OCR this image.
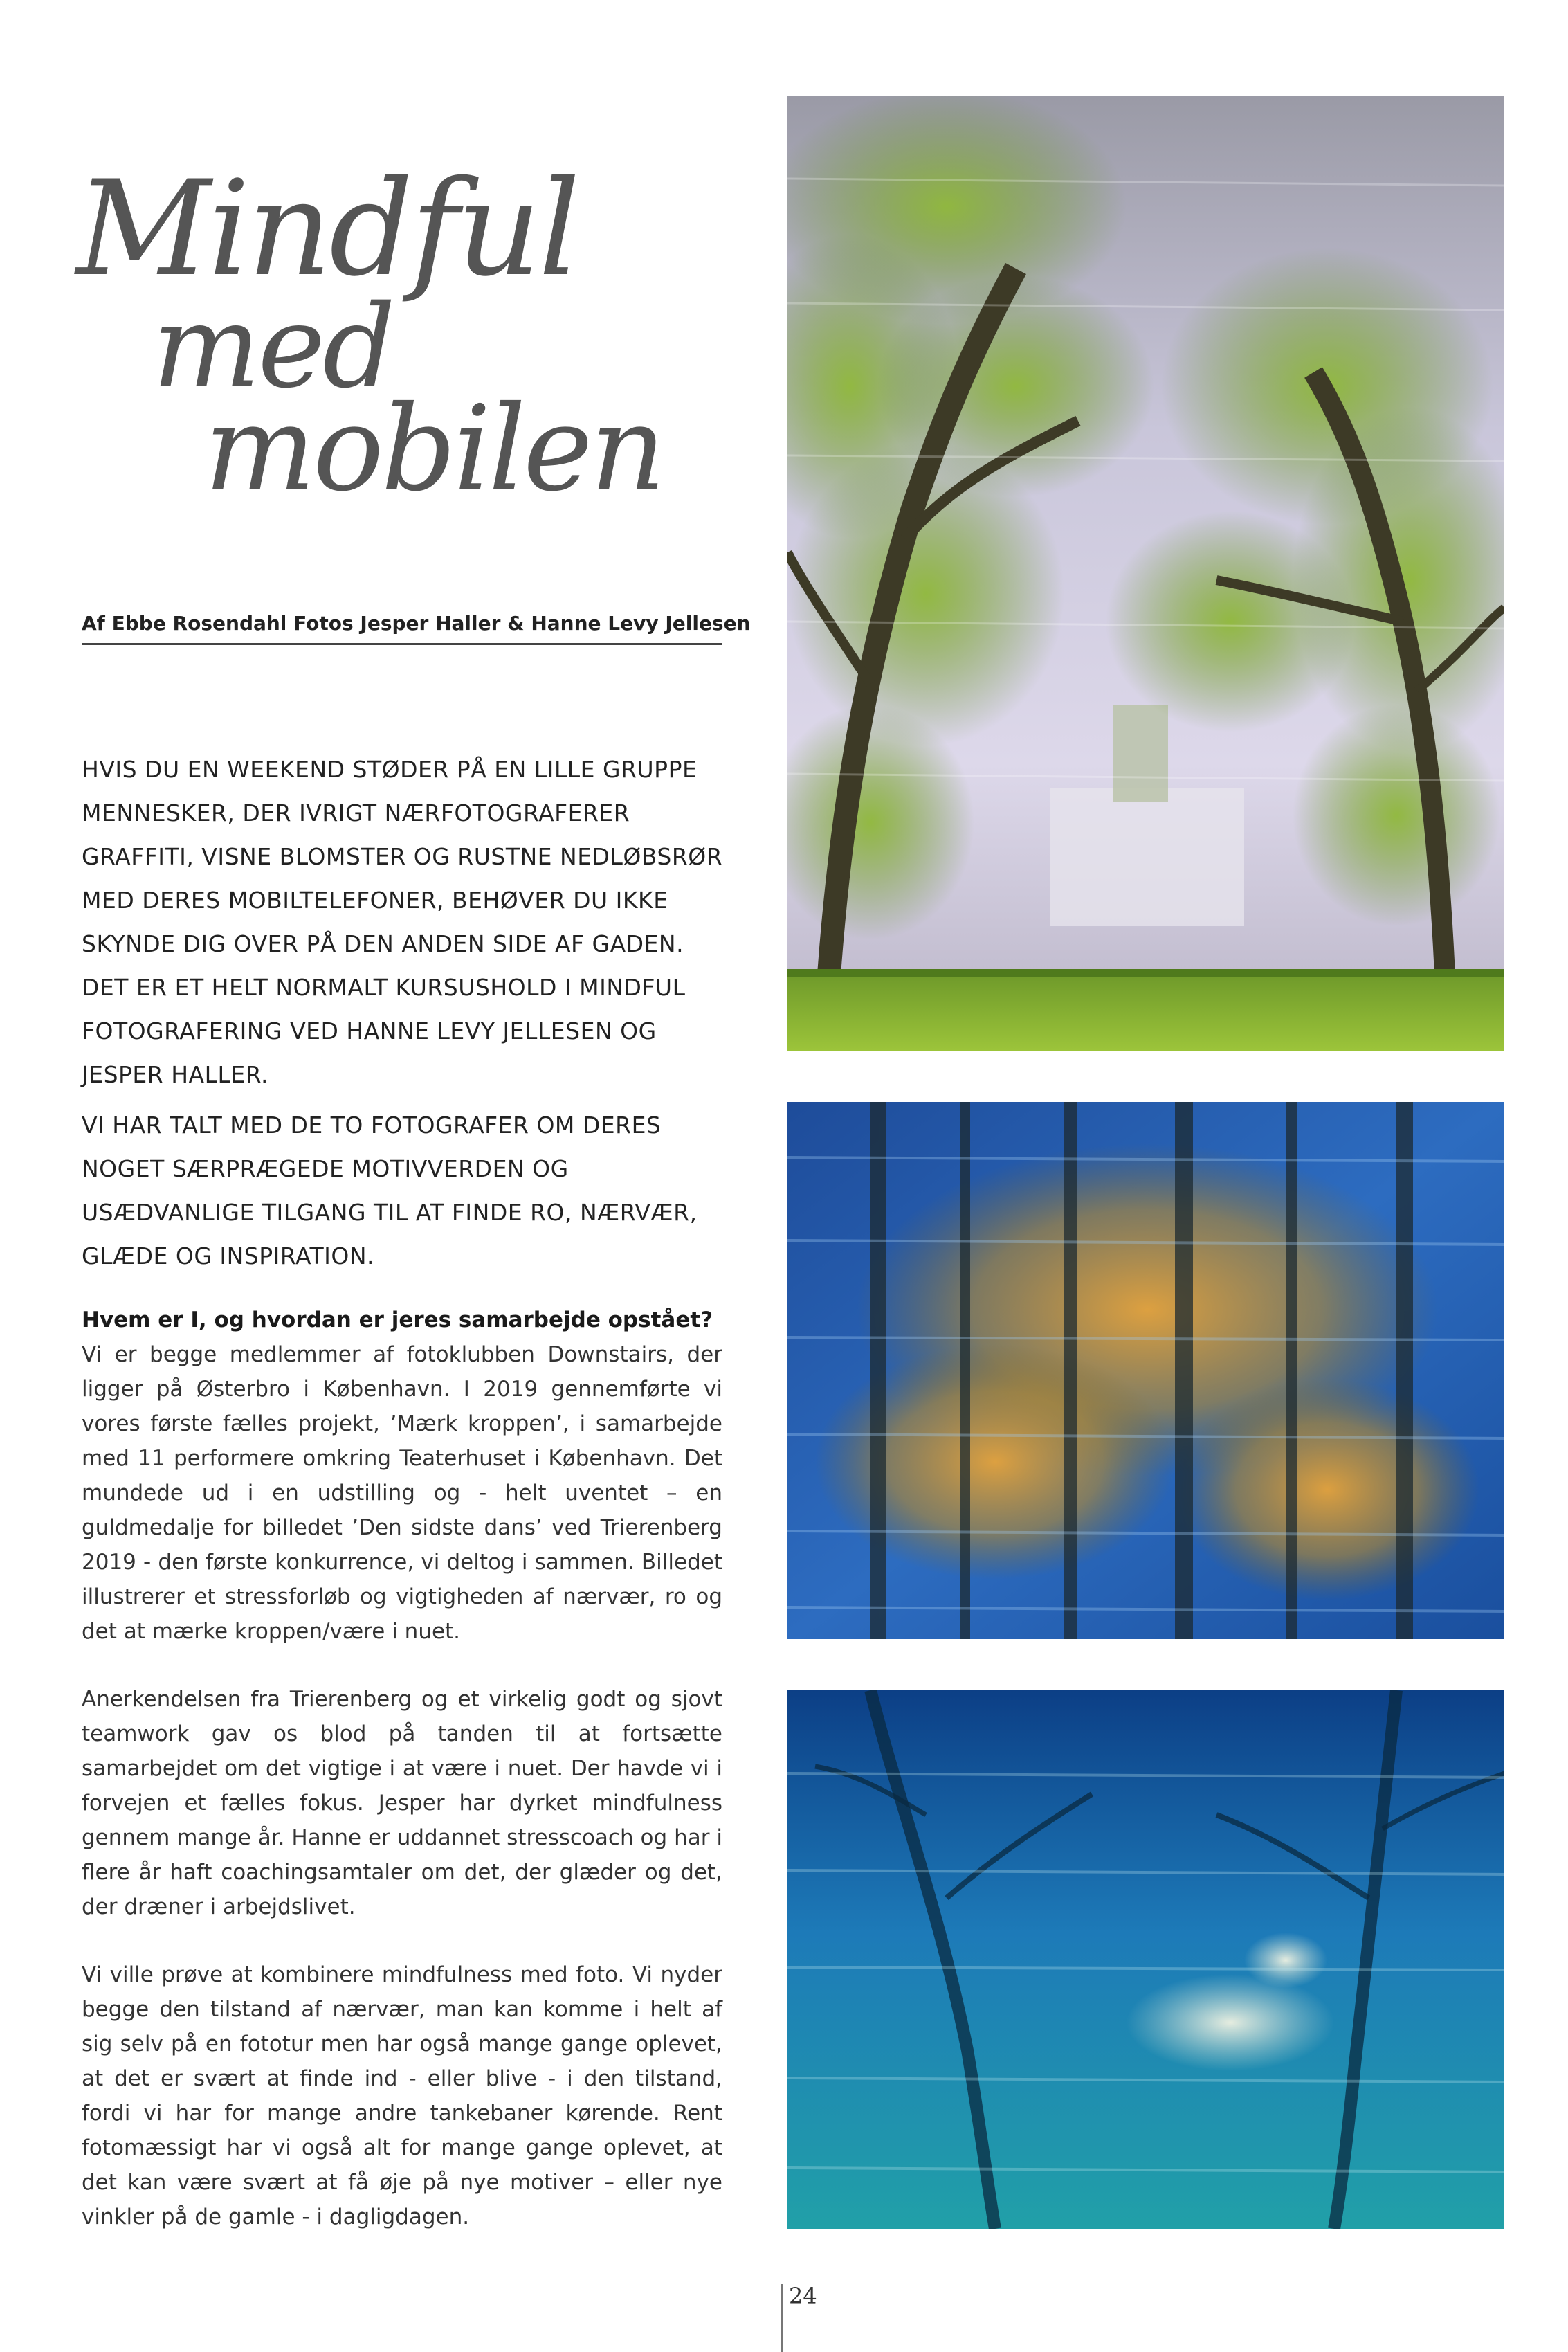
Mindful
med
mobilen
Af Ebbe Rosendahl Fotos Jesper Haller & Hanne Levy Jellesen

HVIS DU EN WEEKEND STØDER PÅ EN LILLE GRUPPE MENNESKER, DER IVRIGT NÆRFOTOGRAFERER GRAFFITI, VISNE BLOMSTER OG RUSTNE NEDLØBSRØR MED DERES MOBILTELEFONER, BEHØVER DU IKKE SKYNDE DIG OVER PÅ DEN ANDEN SIDE AF GADEN. DET ER ET HELT NORMALT KURSUSHOLD I MINDFUL FOTOGRAFERING VED HANNE LEVY JELLESEN OG JESPER HALLER.

VI HAR TALT MED DE TO FOTOGRAFER OM DERES NOGET SÆRPRÆGEDE MOTIVVERDEN OG USÆDVANLIGE TILGANG TIL AT FINDE RO, NÆRVÆR, GLÆDE OG INSPIRATION.

Hvem er I, og hvordan er jeres samarbejde opstået?

Vi er begge medlemmer af fotoklubben Downstairs, der ligger på Østerbro i København. I 2019 gennemførte vi vores første fælles projekt, ’Mærk kroppen’, i samarbejde med 11 performere omkring Teaterhuset i København. Det mundede ud i en udstilling og - helt uventet – en guldmedalje for billedet ’Den sidste dans’ ved Trierenberg 2019 - den første konkurrence, vi deltog i sammen. Billedet illustrerer et stressforløb og vigtigheden af nærvær, ro og det at mærke kroppen/være i nuet.

Anerkendelsen fra Trierenberg og et virkelig godt og sjovt teamwork gav os blod på tanden til at fortsætte samarbejdet om det vigtige i at være i nuet. Der havde vi i forvejen et fælles fokus. Jesper har dyrket mindfulness gennem mange år. Hanne er uddannet stresscoach og har i flere år haft coachingsamtaler om det, der glæder og det, der dræner i arbejdslivet.

Vi ville prøve at kombinere mindfulness med foto. Vi nyder begge den tilstand af nærvær, man kan komme i helt af sig selv på en fototur men har også mange gange oplevet, at det er svært at finde ind - eller blive - i den tilstand, fordi vi har for mange andre tankebaner kørende. Rent fotomæssigt har vi også alt for mange gange oplevet, at det kan være svært at få øje på nye motiver – eller nye vinkler på de gamle - i dagligdagen.

24
